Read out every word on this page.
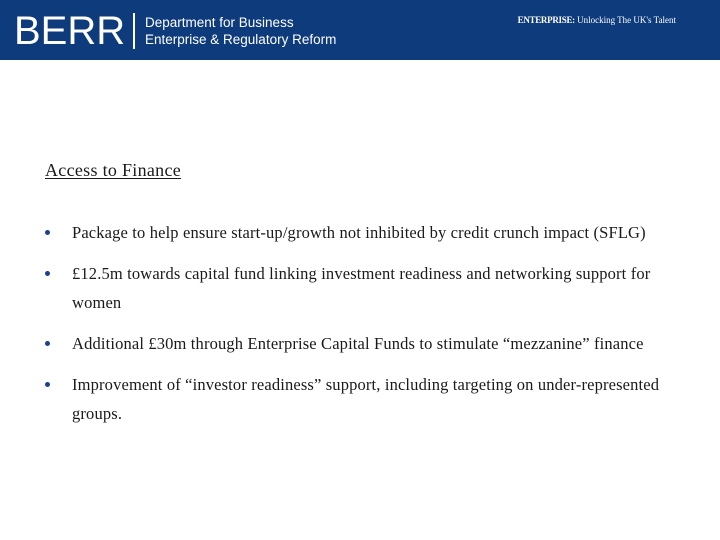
BERR Department for Business
Enterprise & Regulatory Reform
ENTERPRISE: Unlocking The UK's Talent
Access to Finance
Package to help ensure start-up/growth not inhibited by credit crunch impact (SFLG)
£12.5m towards capital fund linking investment readiness and networking support for women
Additional £30m through Enterprise Capital Funds to stimulate “mezzanine” finance
Improvement of “investor readiness” support, including targeting on under-represented groups.
